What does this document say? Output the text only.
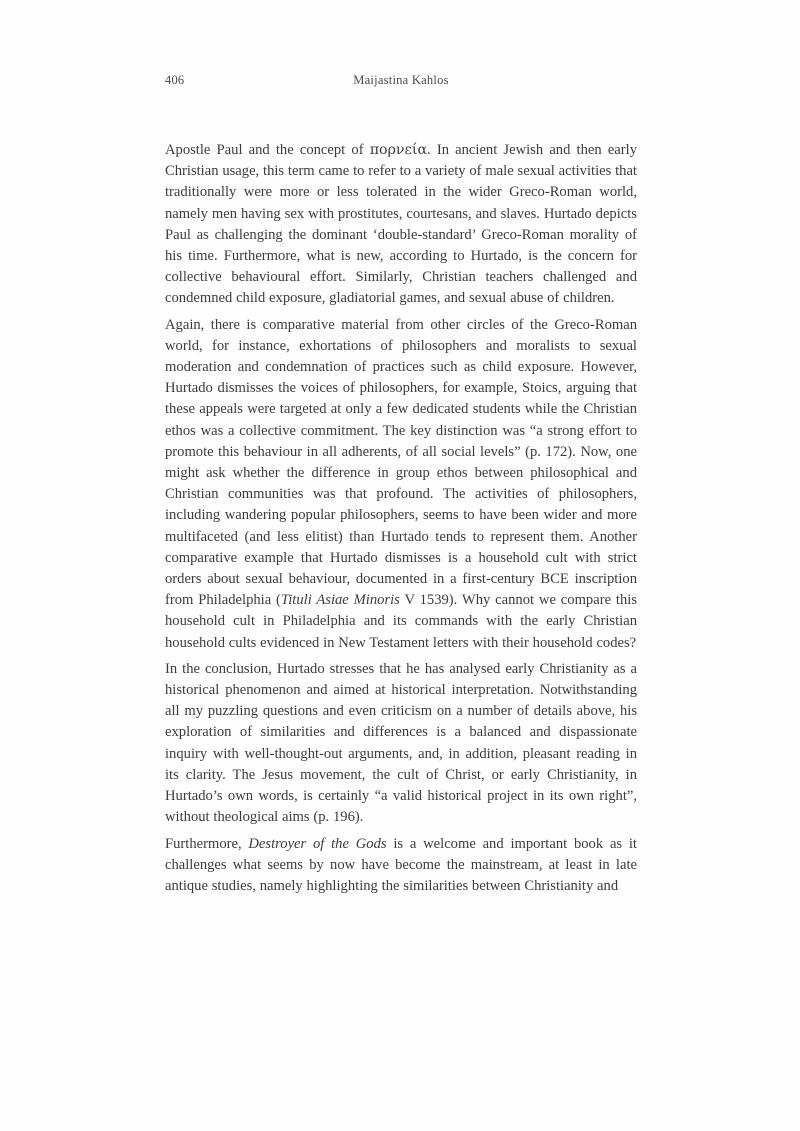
406	Maijastina Kahlos

Apostle Paul and the concept of πορνεία. In ancient Jewish and then early Christian usage, this term came to refer to a variety of male sexual activities that traditionally were more or less tolerated in the wider Greco-Roman world, namely men having sex with prostitutes, courtesans, and slaves. Hurtado depicts Paul as challenging the dominant ‘double-standard’ Greco-Roman morality of his time. Furthermore, what is new, according to Hurtado, is the concern for collective behavioural effort. Similarly, Christian teachers challenged and condemned child exposure, gladiatorial games, and sexual abuse of children.

Again, there is comparative material from other circles of the Greco-Roman world, for instance, exhortations of philosophers and moralists to sexual moderation and condemnation of practices such as child exposure. However, Hurtado dismisses the voices of philosophers, for example, Stoics, arguing that these appeals were targeted at only a few dedicated students while the Christian ethos was a collective commitment. The key distinction was “a strong effort to promote this behaviour in all adherents, of all social levels” (p. 172). Now, one might ask whether the difference in group ethos between philosophical and Christian communities was that profound. The activities of philosophers, including wandering popular philosophers, seems to have been wider and more multifaceted (and less elitist) than Hurtado tends to represent them. Another comparative example that Hurtado dismisses is a household cult with strict orders about sexual behaviour, documented in a first-century BCE inscription from Philadelphia (Tituli Asiae Minoris V 1539). Why cannot we compare this household cult in Philadelphia and its commands with the early Christian household cults evidenced in New Testament letters with their household codes?

In the conclusion, Hurtado stresses that he has analysed early Christianity as a historical phenomenon and aimed at historical interpretation. Notwithstanding all my puzzling questions and even criticism on a number of details above, his exploration of similarities and differences is a balanced and dispassionate inquiry with well-thought-out arguments, and, in addition, pleasant reading in its clarity. The Jesus movement, the cult of Christ, or early Christianity, in Hurtado’s own words, is certainly “a valid historical project in its own right”, without theological aims (p. 196).

Furthermore, Destroyer of the Gods is a welcome and important book as it challenges what seems by now have become the mainstream, at least in late antique studies, namely highlighting the similarities between Christianity and
